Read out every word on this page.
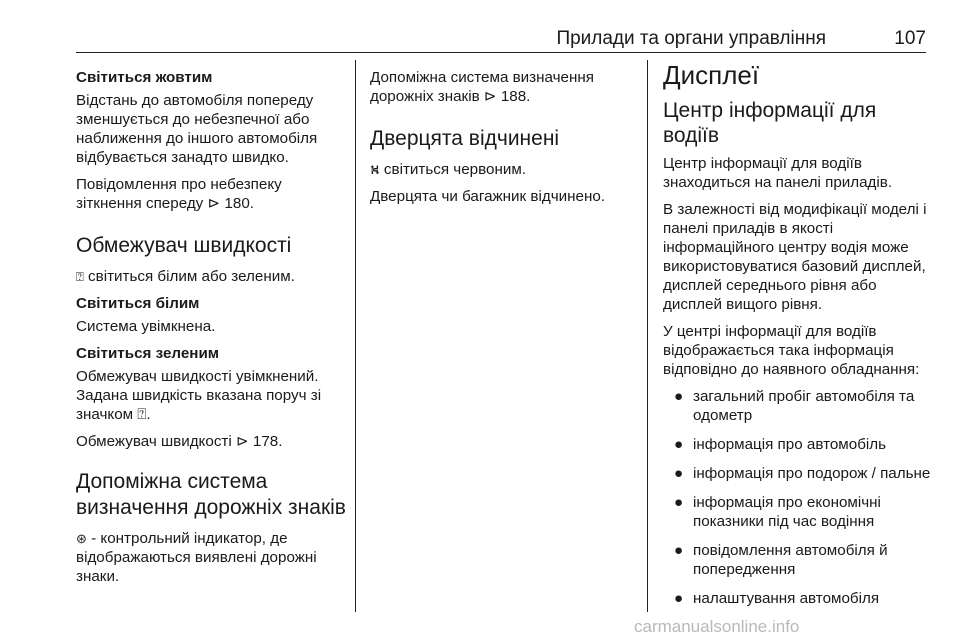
Прилади та органи управління	107
Світиться жовтим

Відстань до автомобіля попереду зменшується до небезпечної або наближення до іншого автомобіля відбувається занадто швидко.

Повідомлення про небезпеку зіткнення спереду ⊳ 180.

Обмежувач швидкості

⍰ світиться білим або зеленим.

Світиться білим

Система увімкнена.

Світиться зеленим

Обмежувач швидкості увімкнений. Задана швидкість вказана поруч зі значком ⍰.

Обмежувач швидкості ⊳ 178.

Допоміжна система визначення дорожніх знаків

⊛ - контрольний індикатор, де відображаються виявлені дорожні знаки.

Допоміжна система визначення дорожніх знаків ⊳ 188.

Дверцята відчинені

⛕ світиться червоним.

Дверцята чи багажник відчинено.

Дисплеї
Центр інформації для водіїв

Центр інформації для водіїв знаходиться на панелі приладів.

В залежності від модифікації моделі і панелі приладів в якості інформаційного центру водія може використовуватися базовий дисплей, дисплей середнього рівня або дисплей вищого рівня.

У центрі інформації для водіїв відображається така інформація відповідно до наявного обладнання:

● загальний пробіг автомобіля та одометр
● інформація про автомобіль
● інформація про подорож / пальне
● інформація про економічні показники під час водіння
● повідомлення автомобіля й попередження
● налаштування автомобіля
carmanualsonline.info
